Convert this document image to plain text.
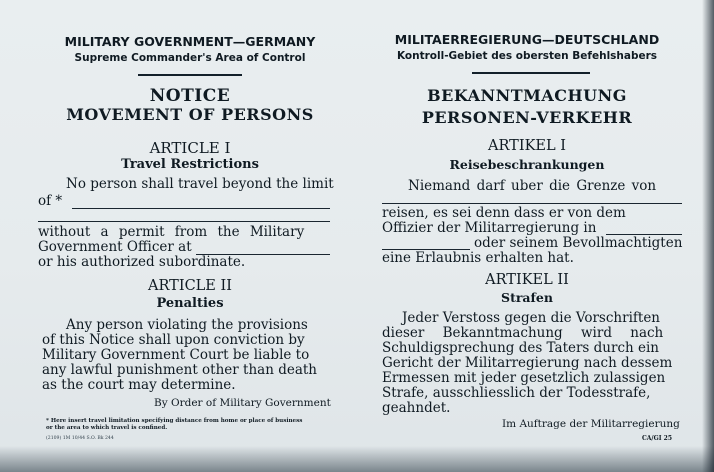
MILITARY GOVERNMENT—GERMANY
Supreme Commander's Area of Control
NOTICE
MOVEMENT OF PERSONS
ARTICLE I
Travel Restrictions
No person shall travel beyond the limit
of *
without a permit from the Military
Government Officer at
or his authorized subordinate.
ARTICLE II
Penalties
Any person violating the provisions
of this Notice shall upon conviction by
Military Government Court be liable to
any lawful punishment other than death
as the court may determine.
By Order of Military Government
* Here insert travel limitation specifying distance from home or place of business
or the area to which travel is confined.
(2109) 1M 10/44 S.O. Bk 244
MILITAERREGIERUNG—DEUTSCHLAND
Kontroll-Gebiet des obersten Befehlshabers
BEKANNTMACHUNG
PERSONEN-VERKEHR
ARTIKEL I
Reisebeschrankungen
Niemand darf uber die Grenze von
reisen, es sei denn dass er von dem
Offizier der Militarregierung in
oder seinem Bevollmachtigten
eine Erlaubnis erhalten hat.
ARTIKEL II
Strafen
Jeder Verstoss gegen die Vorschriften
dieser Bekanntmachung wird nach
Schuldigsprechung des Taters durch ein
Gericht der Militarregierung nach dessem
Ermessen mit jeder gesetzlich zulassigen
Strafe, ausschliesslich der Todesstrafe,
geahndet.
Im Auftrage der Militarregierung
CA/GI 25
